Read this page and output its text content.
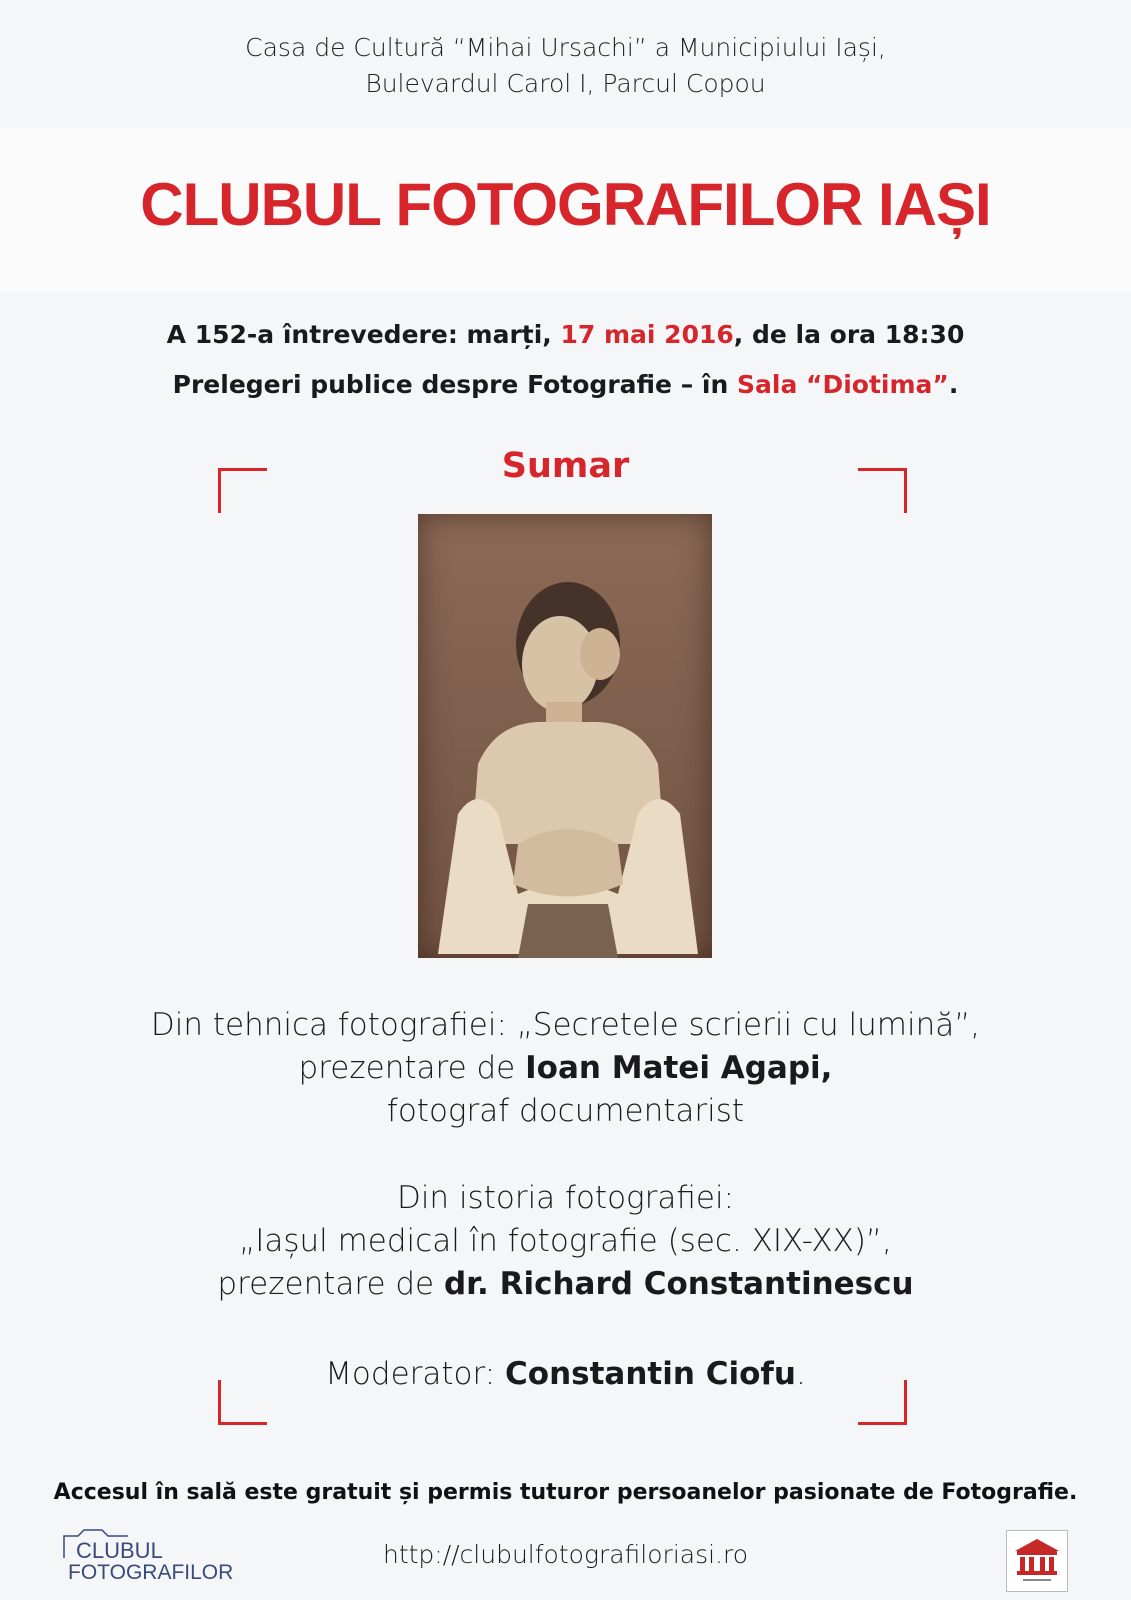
Casa de Cultură “Mihai Ursachi” a Municipiului Iași,
Bulevardul Carol I, Parcul Copou
CLUBUL FOTOGRAFILOR IAȘI
A 152-a întrevedere: marți, 17 mai 2016, de la ora 18:30
Prelegeri publice despre Fotografie – în Sala “Diotima”.
Sumar
Din tehnica fotografiei: „Secretele scrierii cu lumină”,
prezentare de Ioan Matei Agapi,
fotograf documentarist
Din istoria fotografiei:
„Iașul medical în fotografie (sec. XIX-XX)”,
prezentare de dr. Richard Constantinescu
Moderator: Constantin Ciofu.
Accesul în sală este gratuit și permis tuturor persoanelor pasionate de Fotografie.
CLUBUL
FOTOGRAFILOR
http://clubulfotografiloriasi.ro
